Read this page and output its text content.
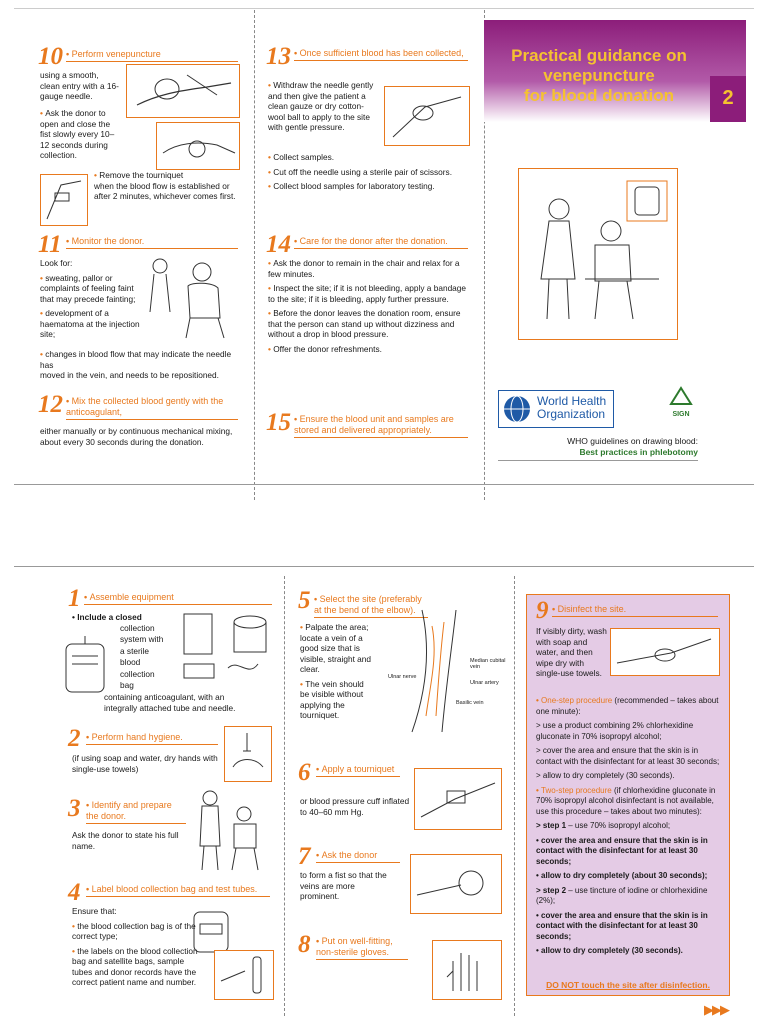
10 • Perform venepuncture
using a smooth, clean entry with a 16-gauge needle.
• Ask the donor to open and close the fist slowly every 10–12 seconds during collection.
• Remove the tourniquet
when the blood flow is established or after 2 minutes, whichever comes first.
11 • Monitor the donor.

Look for:

• sweating, pallor or complaints of feeling faint that may precede fainting;

• development of a haematoma at the injection site;

• changes in blood flow that may indicate the needle has
moved in the vein, and needs to be repositioned.
12 • Mix the collected blood gently with the anticoagulant,
either manually or by continuous mechanical mixing, about every 30 seconds during the donation.
13 • Once sufficient blood has been collected,
• Withdraw the needle gently and then give the patient a clean gauze or dry cotton-wool ball to apply to the site with gentle pressure.

• Collect samples.

• Cut off the needle using a sterile pair of scissors.

• Collect blood samples for laboratory testing.

14 • Care for the donor after the donation.

• Ask the donor to remain in the chair and relax for a few minutes.

• Inspect the site; if it is not bleeding, apply a bandage to the site; if it is bleeding, apply further pressure.

• Before the donor leaves the donation room, ensure that the person can stand up without dizziness and without a drop in blood pressure.

• Offer the donor refreshments.

15 • Ensure the blood unit and samples are stored and delivered appropriately.
Practical guidance on
venepuncture
for blood donation	2
World Health
Organization	SIGN
WHO guidelines on drawing blood:
Best practices in phlebotomy
1 • Assemble equipment
• Include a closed
collection
system with
a sterile
blood
collection
bag
containing anticoagulant, with an
integrally attached tube and needle.
2 • Perform hand hygiene.
(if using soap and water, dry hands with single-use towels)
3 • Identify and prepare the donor.
Ask the donor to state his full name.
4 • Label blood collection bag and test tubes.

Ensure that:

• the blood collection bag is of the correct type;

• the labels on the blood collection bag and satellite bags, sample tubes and donor records have the correct patient name and number.

5 • Select the site (preferably at the bend of the elbow).

• Palpate the area; locate a vein of a good size that is visible, straight and clear.

• The vein should be visible without applying the tourniquet.

Median cubital vein
Ulnar artery
Ulnar nerve
Basilic vein
6 • Apply a tourniquet
or blood pressure cuff inflated to 40–60 mm Hg.
7 • Ask the donor
to form a fist so that the veins are more prominent.
8 • Put on well-fitting, non-sterile gloves.
9 • Disinfect the site.
If visibly dirty, wash with soap and water, and then wipe dry with single-use towels.

• One-step procedure (recommended – takes about one minute):

> use a product combining 2% chlorhexidine gluconate in 70% isopropyl alcohol;

> cover the area and ensure that the skin is in contact with the disinfectant for at least 30 seconds;

> allow to dry completely (30 seconds).

• Two-step procedure (if chlorhexidine gluconate in 70% isopropyl alcohol disinfectant is not available, use this procedure – takes about two minutes):

> step 1 – use 70% isopropyl alcohol;

• cover the area and ensure that the skin is in contact with the disinfectant for at least 30 seconds;

• allow to dry completely (about 30 seconds);

> step 2 – use tincture of iodine or chlorhexidine (2%);

• cover the area and ensure that the skin is in contact with the disinfectant for at least 30 seconds;

• allow to dry completely (30 seconds).

DO NOT touch the site after disinfection.
▶▶▶
